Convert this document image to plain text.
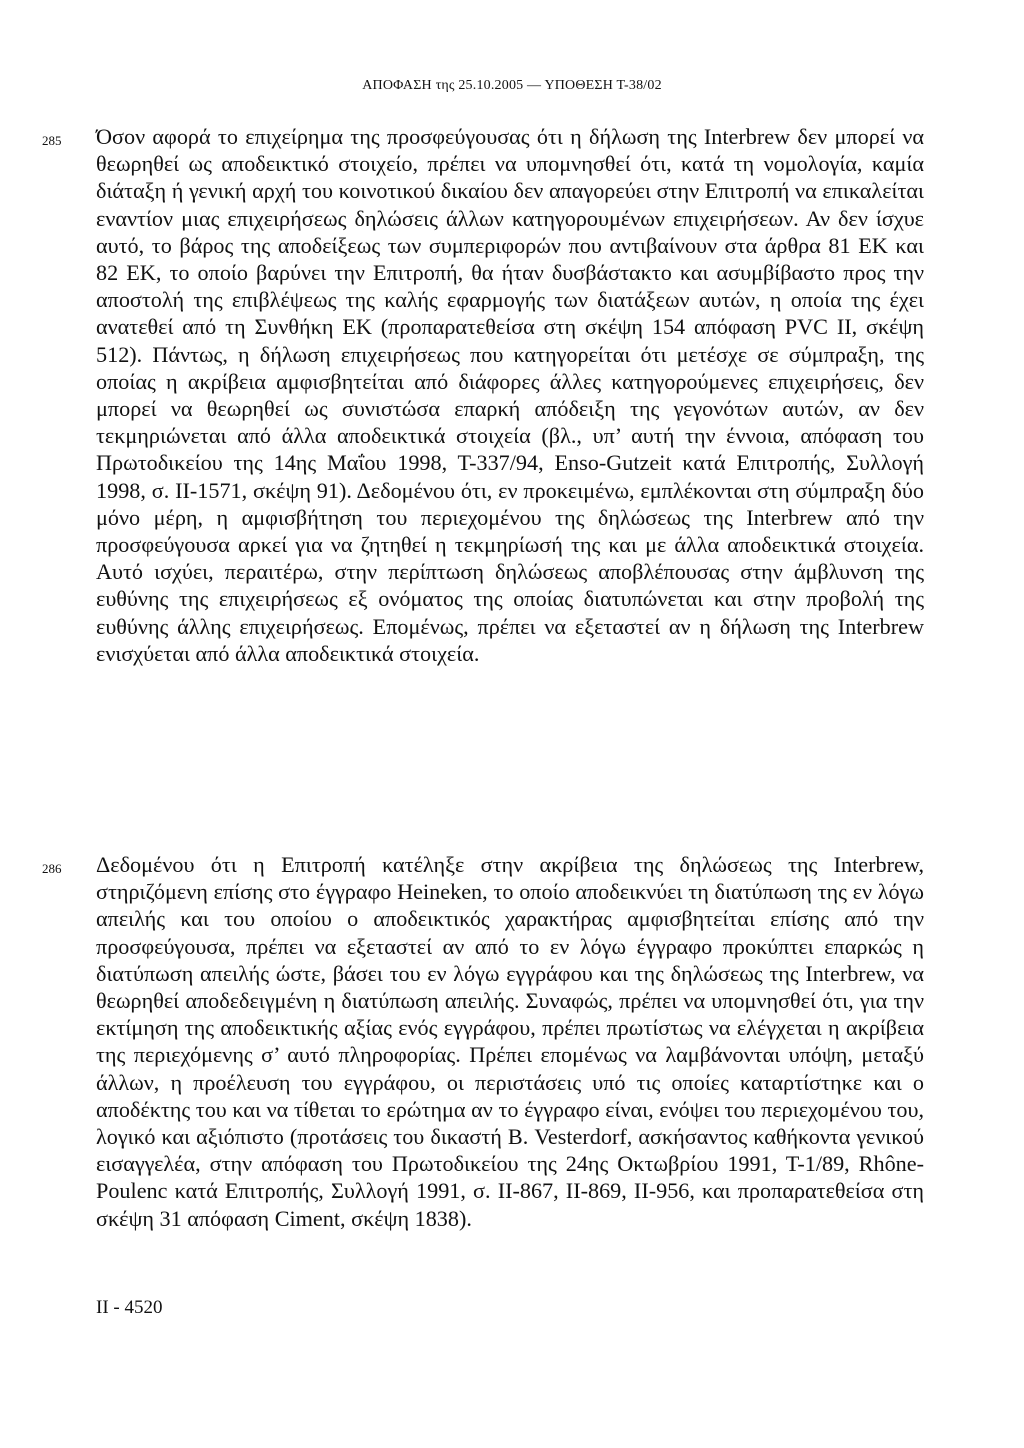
ΑΠΟΦΑΣΗ της 25.10.2005 — ΥΠΟΘΕΣΗ Τ-38/02
285 Όσον αφορά το επιχείρημα της προσφεύγουσας ότι η δήλωση της Interbrew δεν μπορεί να θεωρηθεί ως αποδεικτικό στοιχείο, πρέπει να υπομνησθεί ότι, κατά τη νομολογία, καμία διάταξη ή γενική αρχή του κοινοτικού δικαίου δεν απαγορεύει στην Επιτροπή να επικαλείται εναντίον μιας επιχειρήσεως δηλώσεις άλλων κατηγορουμένων επιχειρήσεων. Αν δεν ίσχυε αυτό, το βάρος της αποδείξεως των συμπεριφορών που αντιβαίνουν στα άρθρα 81 ΕΚ και 82 ΕΚ, το οποίο βαρύνει την Επιτροπή, θα ήταν δυσβάστακτο και ασυμβίβαστο προς την αποστολή της επιβλέψεως της καλής εφαρμογής των διατάξεων αυτών, η οποία της έχει ανατεθεί από τη Συνθήκη ΕΚ (προπαρατεθείσα στη σκέψη 154 απόφαση PVC II, σκέψη 512). Πάντως, η δήλωση επιχειρήσεως που κατηγορείται ότι μετέσχε σε σύμπραξη, της οποίας η ακρίβεια αμφισβητείται από διάφορες άλλες κατηγορούμενες επιχειρήσεις, δεν μπορεί να θεωρηθεί ως συνιστώσα επαρκή απόδειξη της γεγονότων αυτών, αν δεν τεκμηριώνεται από άλλα αποδεικτικά στοιχεία (βλ., υπ’ αυτή την έννοια, απόφαση του Πρωτοδικείου της 14ης Μαΐου 1998, Τ-337/94, Enso-Gutzeit κατά Επιτροπής, Συλλογή 1998, σ. ΙΙ-1571, σκέψη 91). Δεδομένου ότι, εν προκειμένω, εμπλέκονται στη σύμπραξη δύο μόνο μέρη, η αμφισβήτηση του περιεχομένου της δηλώσεως της Interbrew από την προσφεύγουσα αρκεί για να ζητηθεί η τεκμηρίωσή της και με άλλα αποδεικτικά στοιχεία. Αυτό ισχύει, περαιτέρω, στην περίπτωση δηλώσεως αποβλέπουσας στην άμβλυνση της ευθύνης της επιχειρήσεως εξ ονόματος της οποίας διατυπώνεται και στην προβολή της ευθύνης άλλης επιχειρήσεως. Επομένως, πρέπει να εξεταστεί αν η δήλωση της Interbrew ενισχύεται από άλλα αποδεικτικά στοιχεία.

286 Δεδομένου ότι η Επιτροπή κατέληξε στην ακρίβεια της δηλώσεως της Interbrew, στηριζόμενη επίσης στο έγγραφο Heineken, το οποίο αποδεικνύει τη διατύπωση της εν λόγω απειλής και του οποίου ο αποδεικτικός χαρακτήρας αμφισβητείται επίσης από την προσφεύγουσα, πρέπει να εξεταστεί αν από το εν λόγω έγγραφο προκύπτει επαρκώς η διατύπωση απειλής ώστε, βάσει του εν λόγω εγγράφου και της δηλώσεως της Interbrew, να θεωρηθεί αποδεδειγμένη η διατύπωση απειλής. Συναφώς, πρέπει να υπομνησθεί ότι, για την εκτίμηση της αποδεικτικής αξίας ενός εγγράφου, πρέπει πρωτίστως να ελέγχεται η ακρίβεια της περιεχόμενης σ’ αυτό πληροφορίας. Πρέπει επομένως να λαμβάνονται υπόψη, μεταξύ άλλων, η προέλευση του εγγράφου, οι περιστάσεις υπό τις οποίες καταρτίστηκε και ο αποδέκτης του και να τίθεται το ερώτημα αν το έγγραφο είναι, ενόψει του περιεχομένου του, λογικό και αξιόπιστο (προτάσεις του δικαστή Β. Vesterdorf, ασκήσαντος καθήκοντα γενικού εισαγγελέα, στην απόφαση του Πρωτοδικείου της 24ης Οκτωβρίου 1991, Τ-1/89, Rhône-Poulenc κατά Επιτροπής, Συλλογή 1991, σ. ΙΙ-867, ΙΙ-869, ΙΙ-956, και προπαρατεθείσα στη σκέψη 31 απόφαση Ciment, σκέψη 1838).

II - 4520
